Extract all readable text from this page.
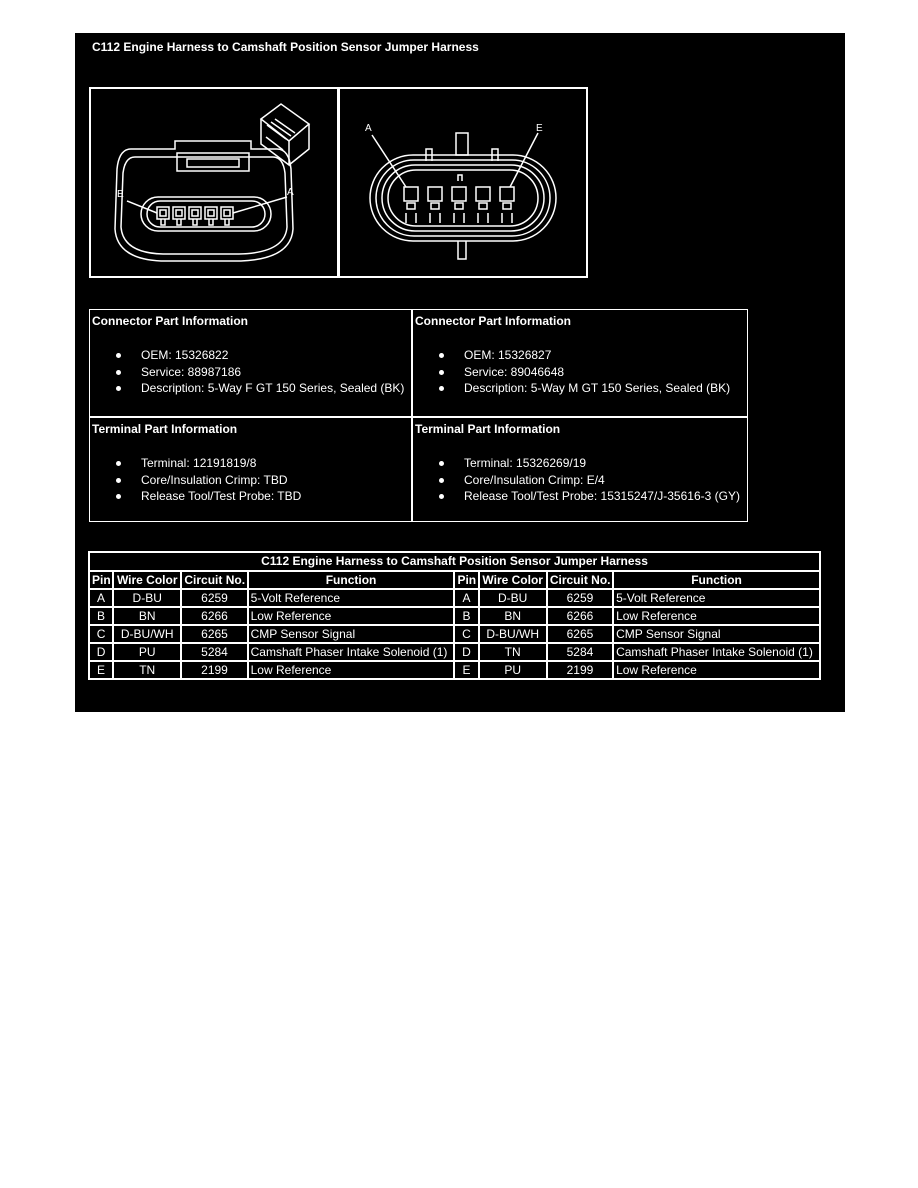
C112 Engine Harness to Camshaft Position Sensor Jumper Harness
E	A
A	E
Connector Part Information
OEM: 15326822
Service: 88987186
Description: 5-Way F GT 150 Series, Sealed (BK)
Connector Part Information
OEM: 15326827
Service: 89046648
Description: 5-Way M GT 150 Series, Sealed (BK)
Terminal Part Information
Terminal: 12191819/8
Core/Insulation Crimp: TBD
Release Tool/Test Probe: TBD
Terminal Part Information
Terminal: 15326269/19
Core/Insulation Crimp: E/4
Release Tool/Test Probe: 15315247/J-35616-3 (GY)
C112 Engine Harness to Camshaft Position Sensor Jumper Harness							
Pin	Wire Color	Circuit No.	Function	Pin	Wire Color	Circuit No.	Function
A	D-BU	6259	5-Volt Reference	A	D-BU	6259	5-Volt Reference
B	BN	6266	Low Reference	B	BN	6266	Low Reference
C	D-BU/WH	6265	CMP Sensor Signal	C	D-BU/WH	6265	CMP Sensor Signal
D	PU	5284	Camshaft Phaser Intake Solenoid (1)	D	TN	5284	Camshaft Phaser Intake Solenoid (1)
E	TN	2199	Low Reference	E	PU	2199	Low Reference
